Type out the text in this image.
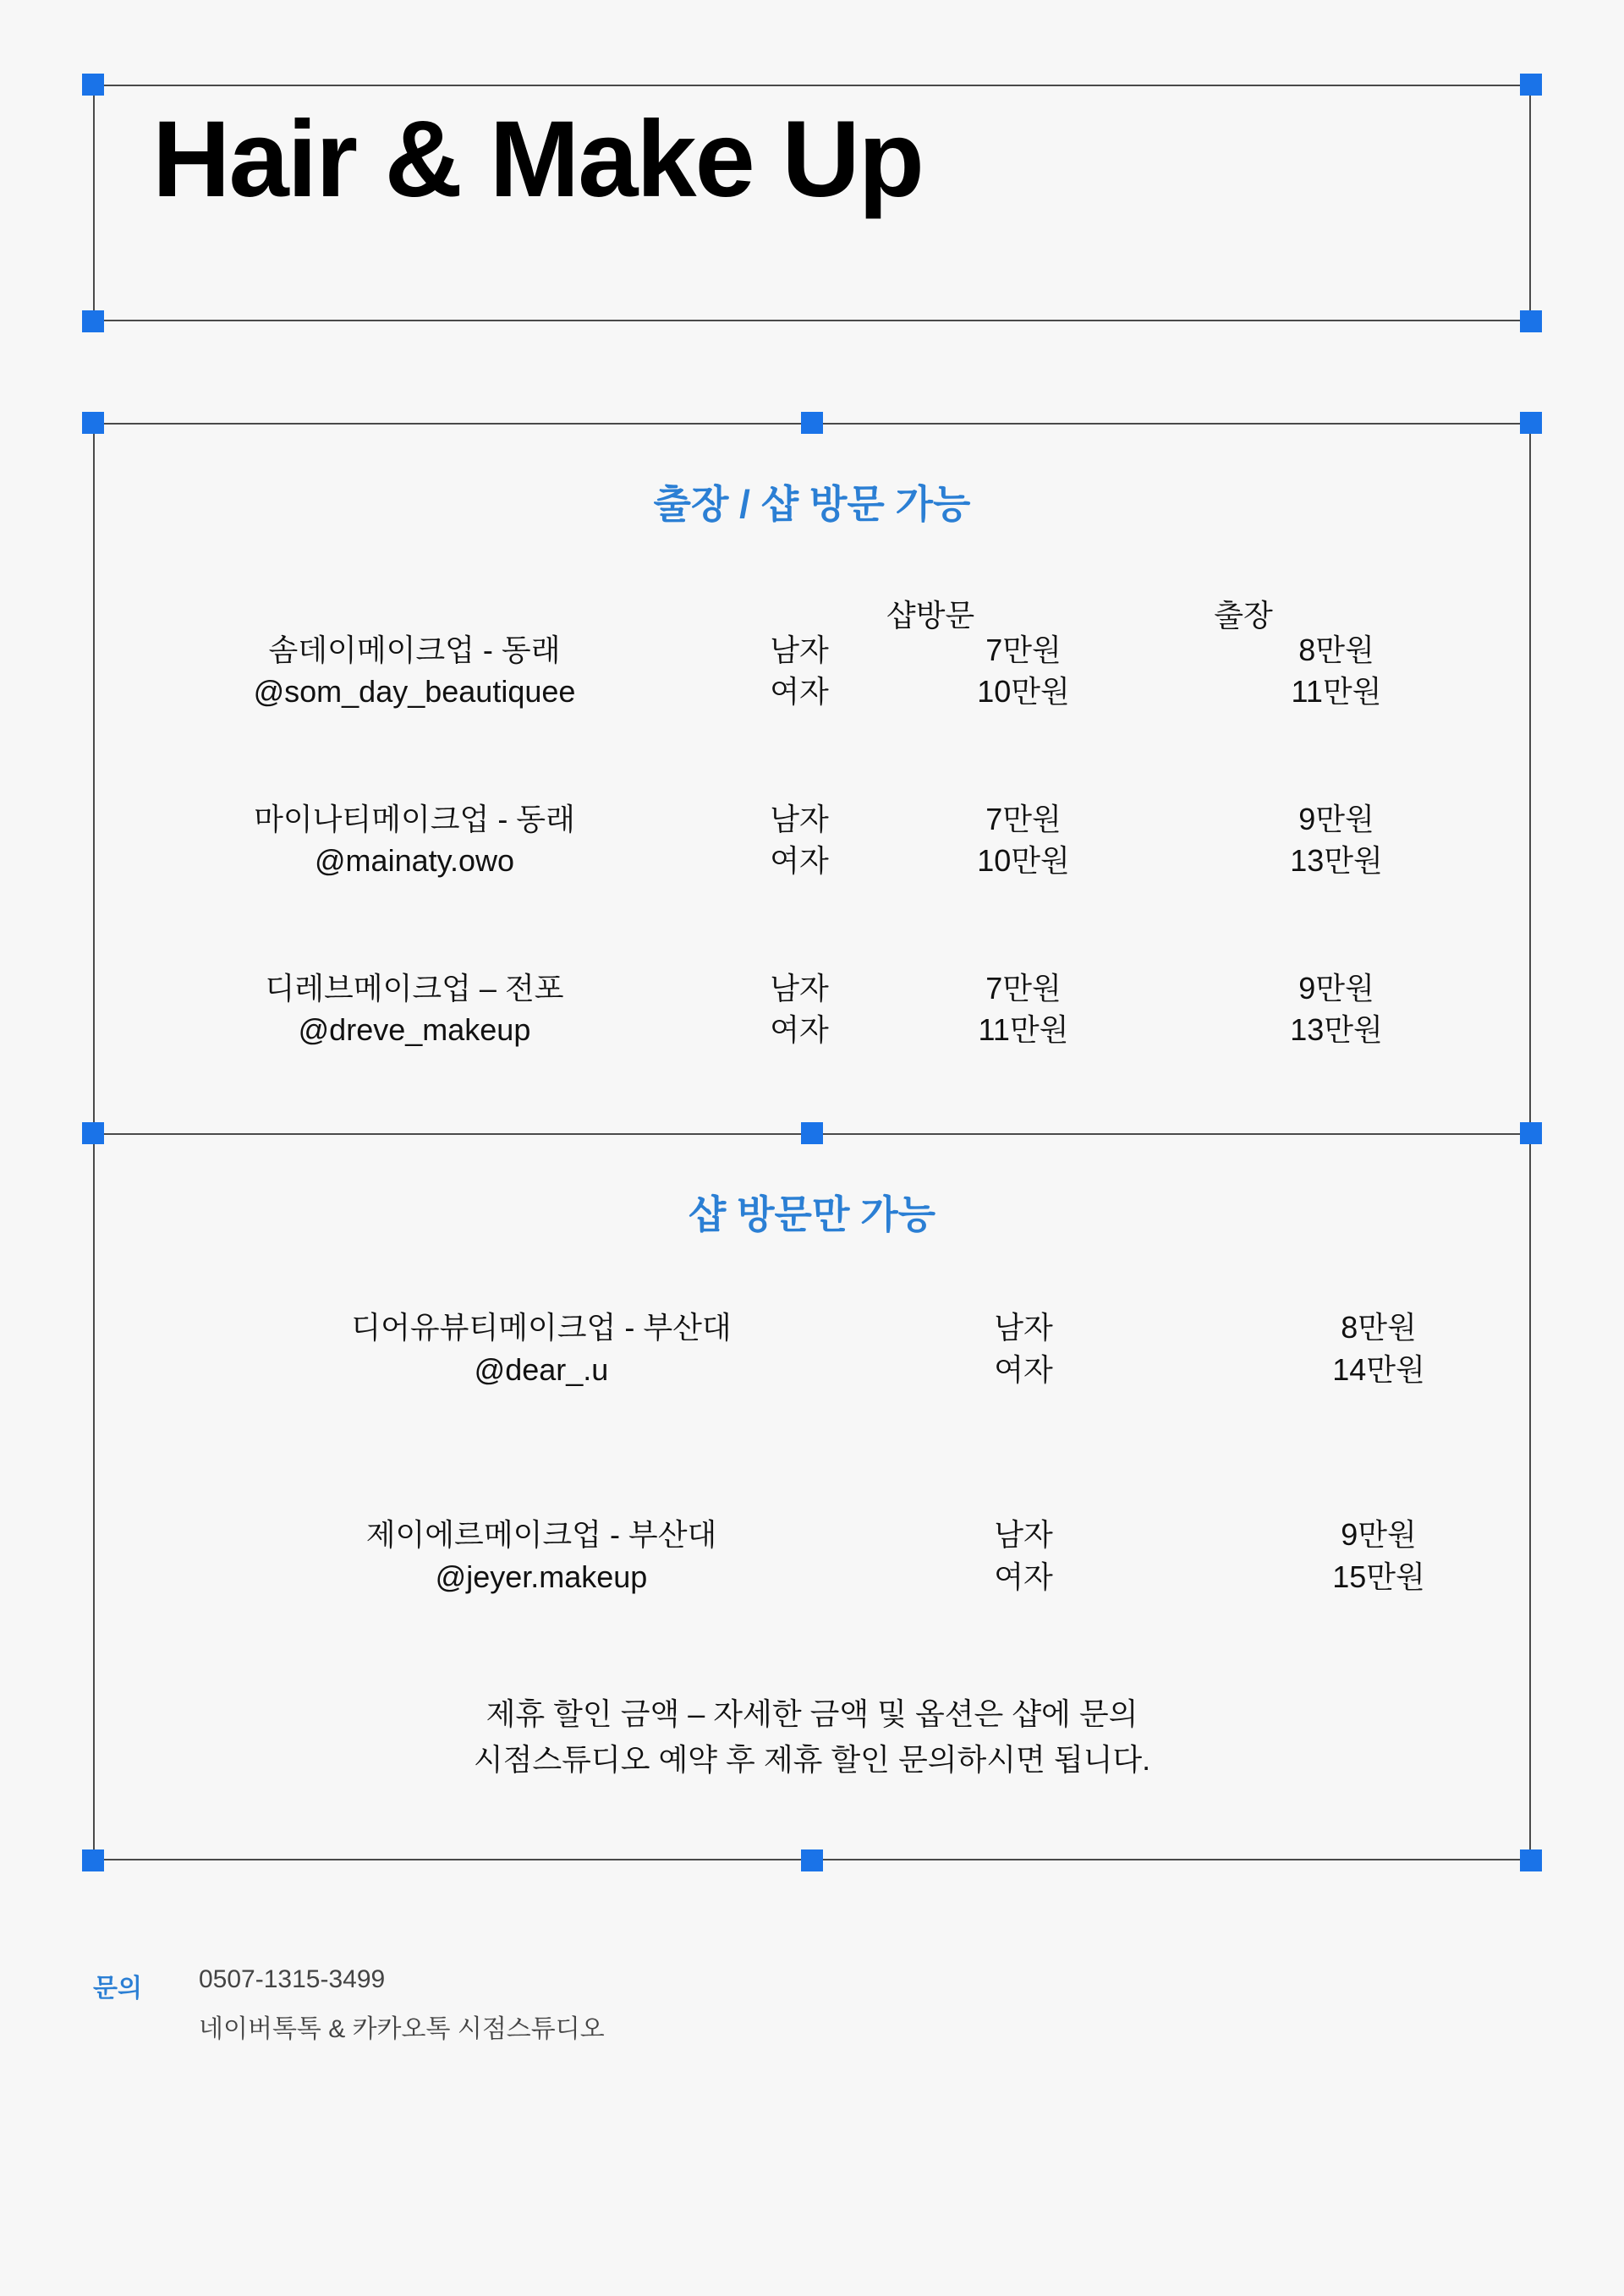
Hair & Make Up
출장 / 샵 방문 가능
샵방문	출장
솜데이메이크업 - 동래
@som_day_beautiquee
남자
여자
7만원
10만원
8만원
11만원
마이나티메이크업 - 동래
@mainaty.owo
남자
여자
7만원
10만원
9만원
13만원
디레브메이크업 – 전포
@dreve_makeup
남자
여자
7만원
11만원
9만원
13만원
샵 방문만 가능
디어유뷰티메이크업 - 부산대
@dear_.u
남자
여자
8만원
14만원
제이에르메이크업 - 부산대
@jeyer.makeup
남자
여자
9만원
15만원
제휴 할인 금액 – 자세한 금액 및 옵션은 샵에 문의
시점스튜디오 예약 후 제휴 할인 문의하시면 됩니다.
문의 0507-1315-3499
네이버톡톡 & 카카오톡 시점스튜디오
